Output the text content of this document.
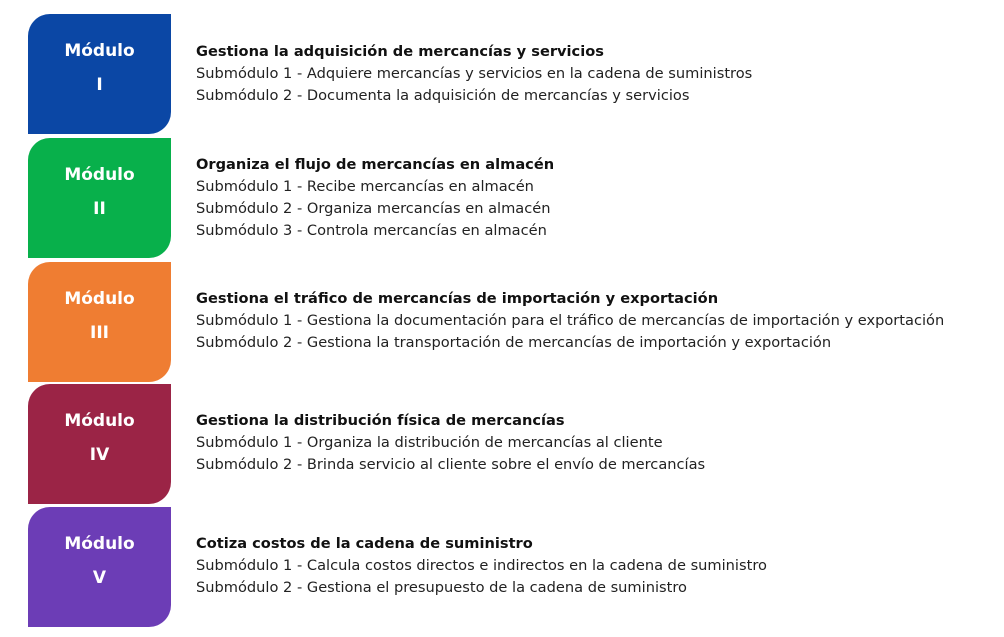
Módulo
I
Gestiona la adquisición de mercancías y servicios
Submódulo 1 - Adquiere mercancías y servicios en la cadena de suministros
Submódulo 2 - Documenta la adquisición de mercancías y servicios
Módulo
II
Organiza el flujo de mercancías en almacén
Submódulo 1 - Recibe mercancías en almacén
Submódulo 2 - Organiza mercancías en almacén
Submódulo 3 - Controla mercancías en almacén
Módulo
III
Gestiona el tráfico de mercancías de importación y exportación
Submódulo 1 - Gestiona la documentación para el tráfico de mercancías de importación y exportación
Submódulo 2 - Gestiona la transportación de mercancías de importación y exportación
Módulo
IV
Gestiona la distribución física de mercancías
Submódulo 1 - Organiza la distribución de mercancías al cliente
Submódulo 2 - Brinda servicio al cliente sobre el envío de mercancías
Módulo
V
Cotiza costos de la cadena de suministro
Submódulo 1 - Calcula costos directos e indirectos en la cadena de suministro
Submódulo 2 - Gestiona el presupuesto de la cadena de suministro
